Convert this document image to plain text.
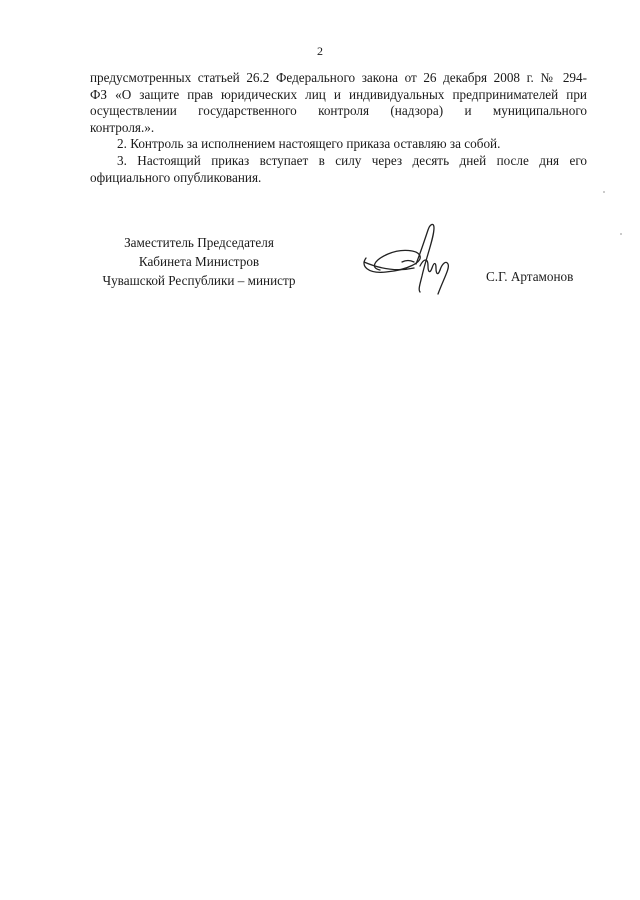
2

предусмотренных статьей 26.2 Федерального закона от 26 декабря 2008 г. № 294-

ФЗ «О защите прав юридических лиц и индивидуальных предпринимателей при

осуществлении государственного контроля (надзора) и муниципального

контроля.».

2. Контроль за исполнением настоящего приказа оставляю за собой.

3. Настоящий приказ вступает в силу через десять дней после дня его

официального опубликования.

Заместитель Председателя
Кабинета Министров
Чувашской Республики – министр	С.Г. Артамонов
